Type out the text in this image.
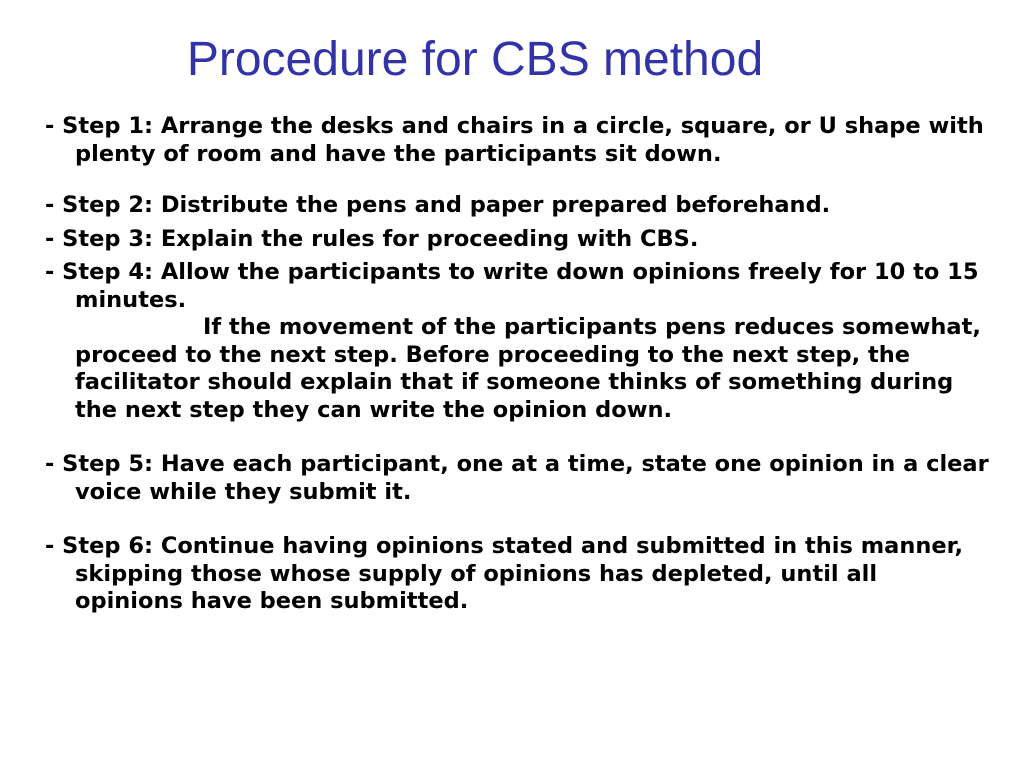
Procedure for CBS method

- Step 1: Arrange the desks and chairs in a circle, square, or U shape with plenty of room and have the participants sit down.

- Step 2: Distribute the pens and paper prepared beforehand.

- Step 3: Explain the rules for proceeding with CBS.

- Step 4: Allow the participants to write down opinions freely for 10 to 15 minutes.

If the movement of the participants pens reduces somewhat, proceed to the next step. Before proceeding to the next step, the facilitator should explain that if someone thinks of something during the next step they can write the opinion down.

- Step 5: Have each participant, one at a time, state one opinion in a clear voice while they submit it.

- Step 6: Continue having opinions stated and submitted in this manner, skipping those whose supply of opinions has depleted, until all opinions have been submitted.
